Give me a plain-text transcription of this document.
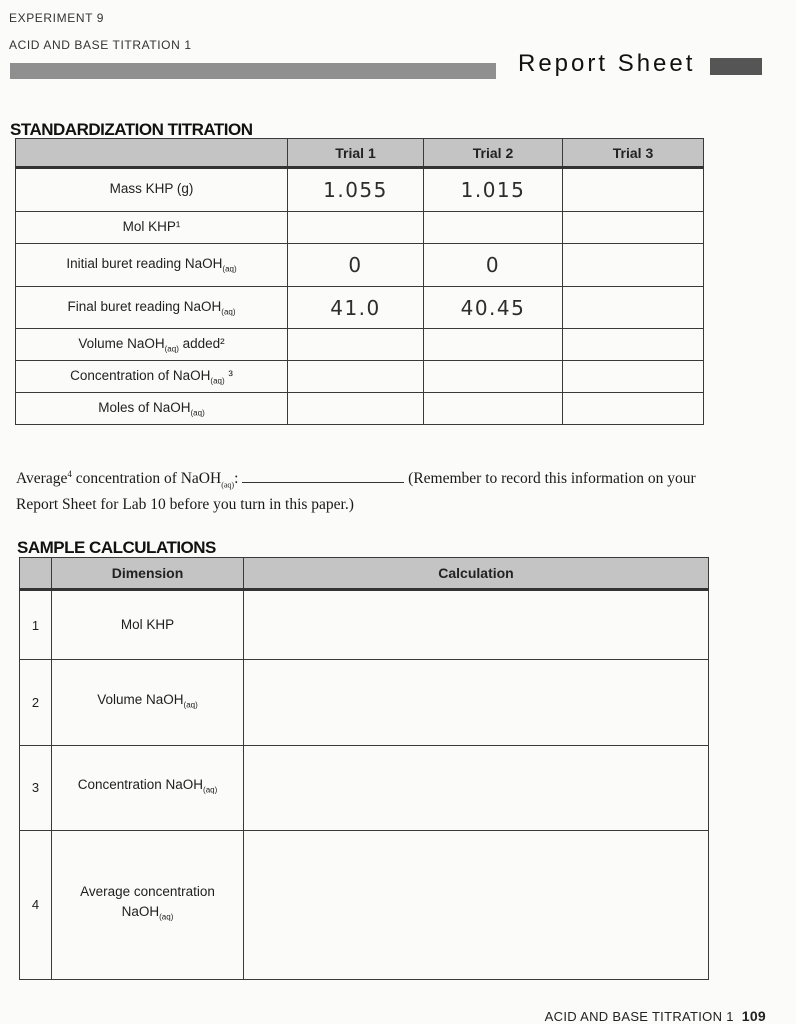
EXPERIMENT 9
ACID AND BASE TITRATION 1
Report Sheet
STANDARDIZATION TITRATION
	Trial 1	Trial 2	Trial 3
Mass KHP (g)	1.055	1.015	
Mol KHP¹			
Initial buret reading NaOH$_{(aq)}$	0	0	
Final buret reading NaOH$_{(aq)}$	41.0	40.45	
Volume NaOH$_{(aq)}$ added²			
Concentration of NaOH$_{(aq)}$ ³			
Moles of NaOH$_{(aq)}$			
Average$^4$ concentration of NaOH$_{(aq)}$:	(Remember to record this information on your Report Sheet for Lab 10 before you turn in this paper.)
SAMPLE CALCULATIONS
	Dimension	Calculation
1	Mol KHP	

2	Volume NaOH$_{(aq)}$

3	Concentration NaOH$_{(aq)}$

4	Average concentration
NaOH$_{(aq)}$

ACID AND BASE TITRATION 1 109
